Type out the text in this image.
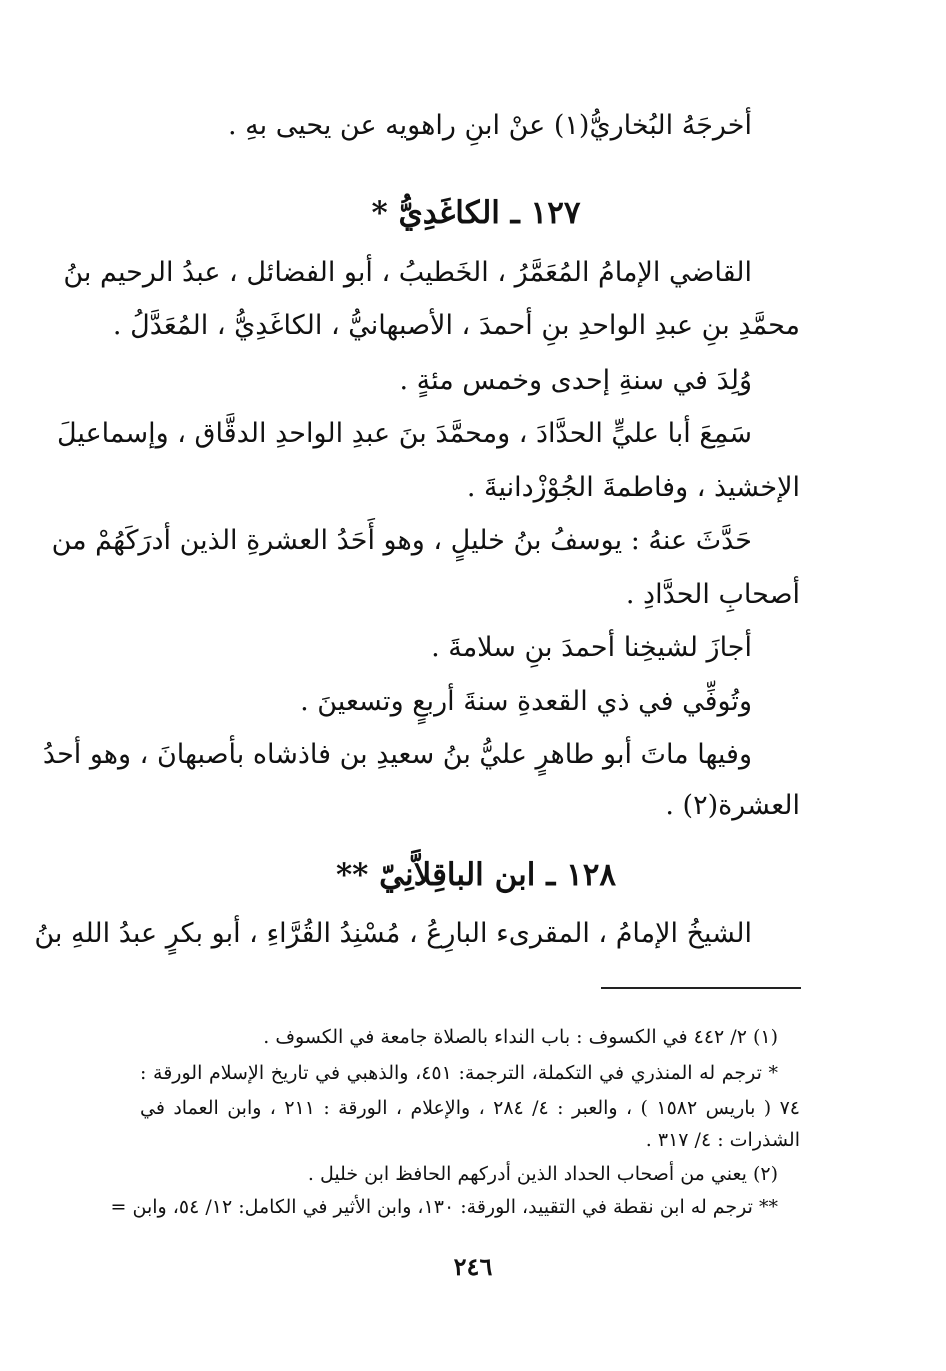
أخرجَهُ البُخاريُّ(١) عنْ ابنِ راهويه عن يحيى بهِ .
١٢٧ ـ الكاغَدِيُّ *
القاضي الإمامُ المُعَمَّرُ ، الخَطيبُ ، أبو الفضائل ، عبدُ الرحيم بنُ
محمَّدِ بنِ عبدِ الواحدِ بنِ أحمدَ ، الأصبهانيُّ ، الكاغَدِيُّ ، المُعَدَّلُ .
وُلِدَ في سنةِ إحدى وخمس مئةٍ .
سَمِعَ أبا عليٍّ الحدَّادَ ، ومحمَّدَ بنَ عبدِ الواحدِ الدقَّاق ، وإسماعيلَ
الإخشيذ ، وفاطمةَ الجُوْزْدانيةَ .
حَدَّثَ عنهُ : يوسفُ بنُ خليلٍ ، وهو أَحَدُ العشرةِ الذين أدرَكَهُمْ من
أصحابِ الحدَّادِ .
أجازَ لشيخِنا أحمدَ بنِ سلامةَ .
وتُوفِّي في ذي القعدةِ سنةَ أربعٍ وتسعينَ .
وفيها ماتَ أبو طاهرٍ عليُّ بنُ سعيدِ بن فاذشاه بأصبهانَ ، وهو أحدُ
العشرة(٢) .
١٢٨ ـ ابن الباقِلاَّنِيّ **
الشيخُ الإمامُ ، المقرىء البارِعُ ، مُسْنِدُ القُرَّاءِ ، أبو بكرٍ عبدُ اللهِ بنُ
(١) ٢/ ٤٤٢ في الكسوف : باب النداء بالصلاة جامعة في الكسوف .
* ترجم له المنذري في التكملة، الترجمة: ٤٥١، والذهبي في تاريخ الإسلام الورقة :
٧٤ ( باريس ١٥٨٢ ) ، والعبر : ٤/ ٢٨٤ ، والإعلام ، الورقة : ٢١١ ، وابن العماد في
الشذرات : ٤/ ٣١٧ .
(٢) يعني من أصحاب الحداد الذين أدركهم الحافظ ابن خليل .
** ترجم له ابن نقطة في التقييد، الورقة: ١٣٠، وابن الأثير في الكامل: ١٢/ ٥٤، وابن =
٢٤٦
